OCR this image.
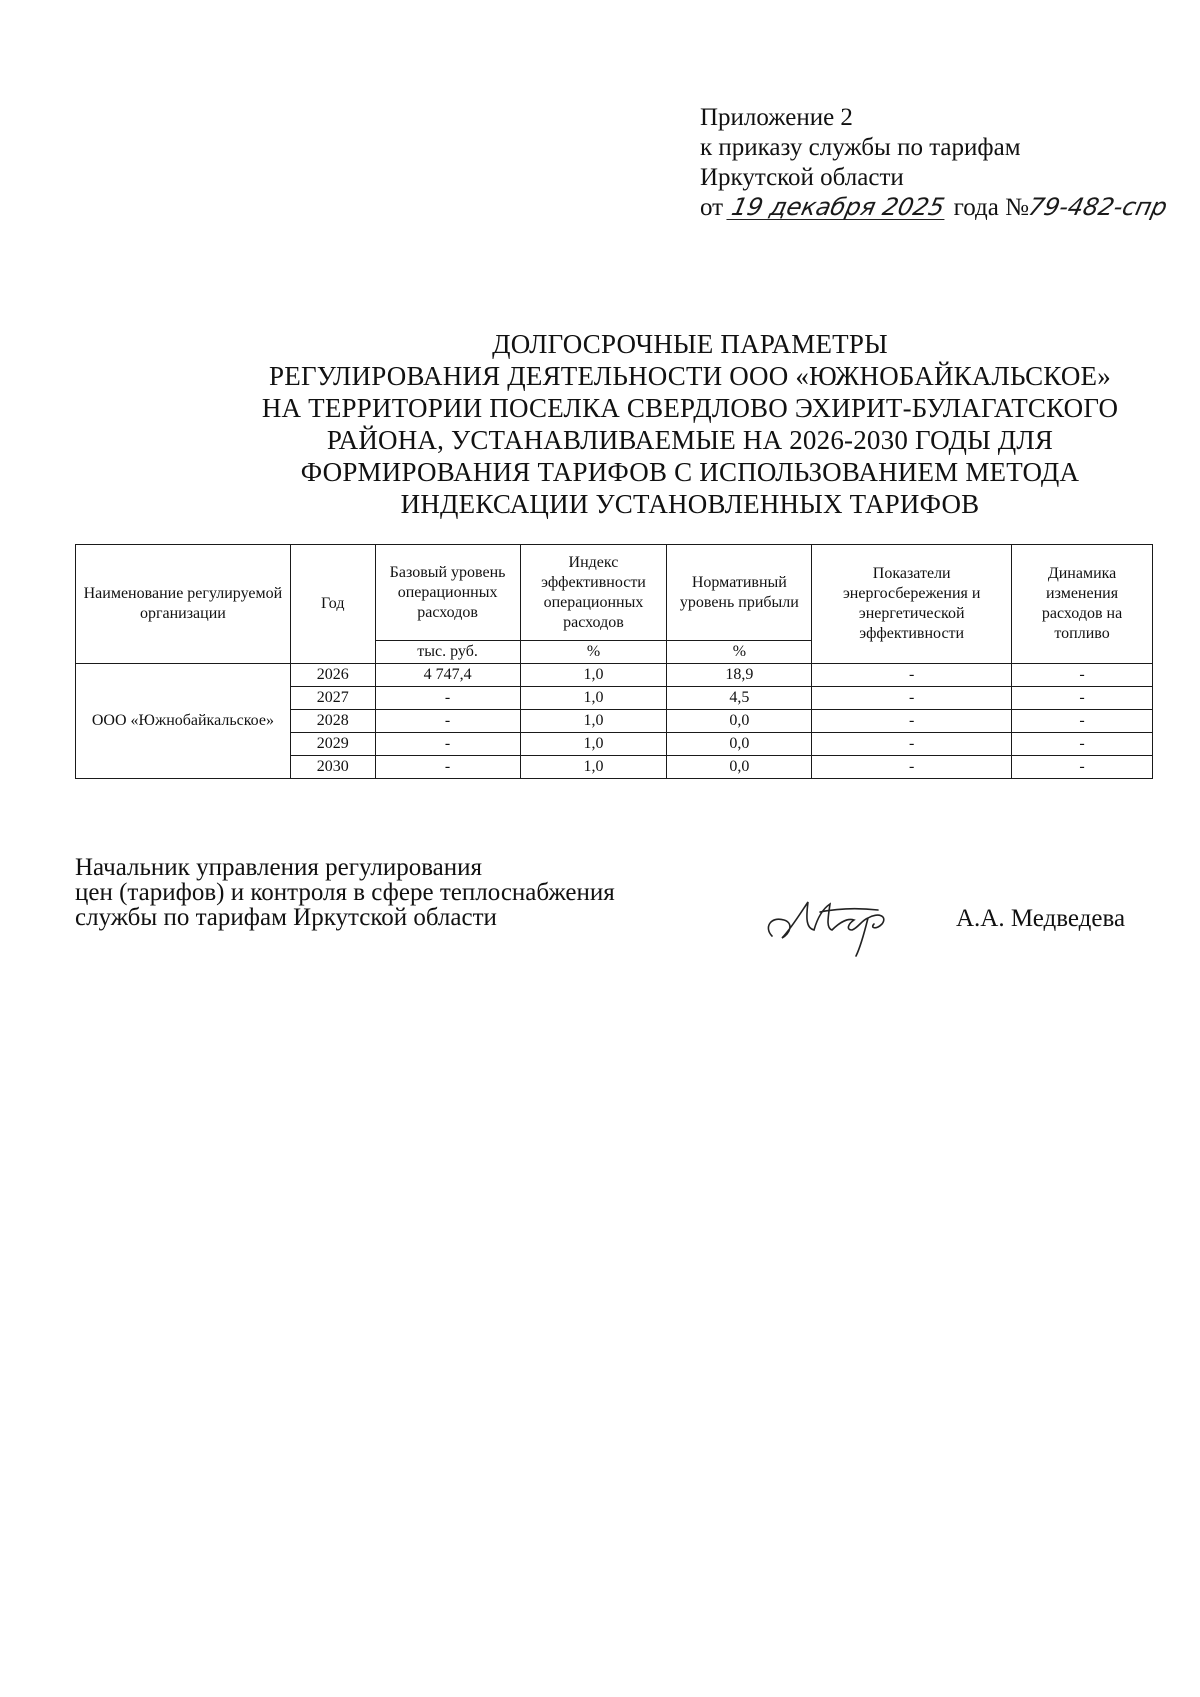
Приложение 2
к приказу службы по тарифам
Иркутской области
от 19 декабря 2025 года №79-482-спр
ДОЛГОСРОЧНЫЕ ПАРАМЕТРЫ
РЕГУЛИРОВАНИЯ ДЕЯТЕЛЬНОСТИ ООО «ЮЖНОБАЙКАЛЬСКОЕ»
НА ТЕРРИТОРИИ ПОСЕЛКА СВЕРДЛОВО ЭХИРИТ-БУЛАГАТСКОГО
РАЙОНА, УСТАНАВЛИВАЕМЫЕ НА 2026-2030 ГОДЫ ДЛЯ
ФОРМИРОВАНИЯ ТАРИФОВ С ИСПОЛЬЗОВАНИЕМ МЕТОДА
ИНДЕКСАЦИИ УСТАНОВЛЕННЫХ ТАРИФОВ
Наименование регулируемой организации	Год	Базовый уровень операционных расходов	Индекс эффективности операционных расходов	Нормативный уровень прибыли	Показатели энергосбережения и энергетической эффективности	Динамика изменения расходов на топливо
		тыс. руб.	%	%		
ООО «Южнобайкальское»	2026	4 747,4	1,0	18,9	-	-
	2027	-	1,0	4,5	-	-
	2028	-	1,0	0,0	-	-
	2029	-	1,0	0,0	-	-
	2030	-	1,0	0,0	-	-
Начальник управления регулирования
цен (тарифов) и контроля в сфере теплоснабжения
службы по тарифам Иркутской области	А.А. Медведева
